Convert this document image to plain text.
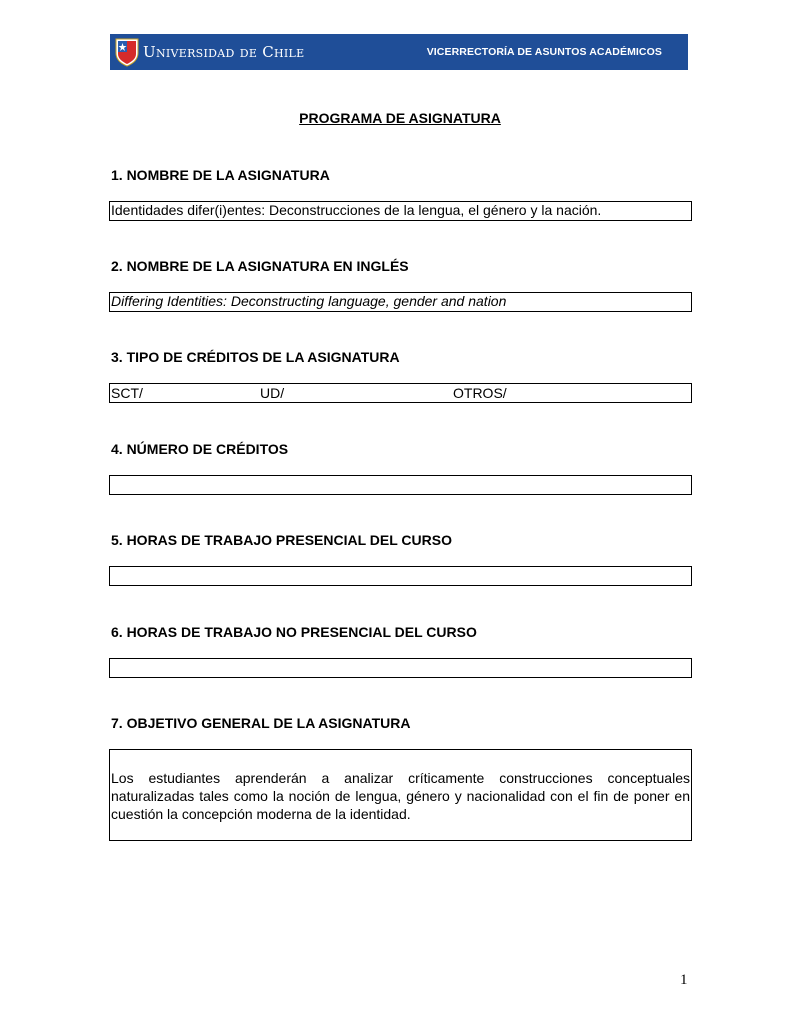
Universidad de Chile	VICERRECTORÍA DE ASUNTOS ACADÉMICOS
PROGRAMA DE ASIGNATURA
1. NOMBRE DE LA ASIGNATURA
Identidades difer(i)entes: Deconstrucciones de la lengua, el género y la nación.
2. NOMBRE DE LA ASIGNATURA EN INGLÉS
Differing Identities: Deconstructing language, gender and nation
3. TIPO DE CRÉDITOS DE LA ASIGNATURA
SCT/	UD/	OTROS/
4. NÚMERO DE CRÉDITOS
5. HORAS DE TRABAJO PRESENCIAL DEL CURSO
6. HORAS DE TRABAJO NO PRESENCIAL DEL CURSO
7. OBJETIVO GENERAL DE LA ASIGNATURA
Los estudiantes aprenderán a analizar críticamente construcciones conceptuales naturalizadas tales como la noción de lengua, género y nacionalidad con el fin de poner en cuestión la concepción moderna de la identidad.
1
